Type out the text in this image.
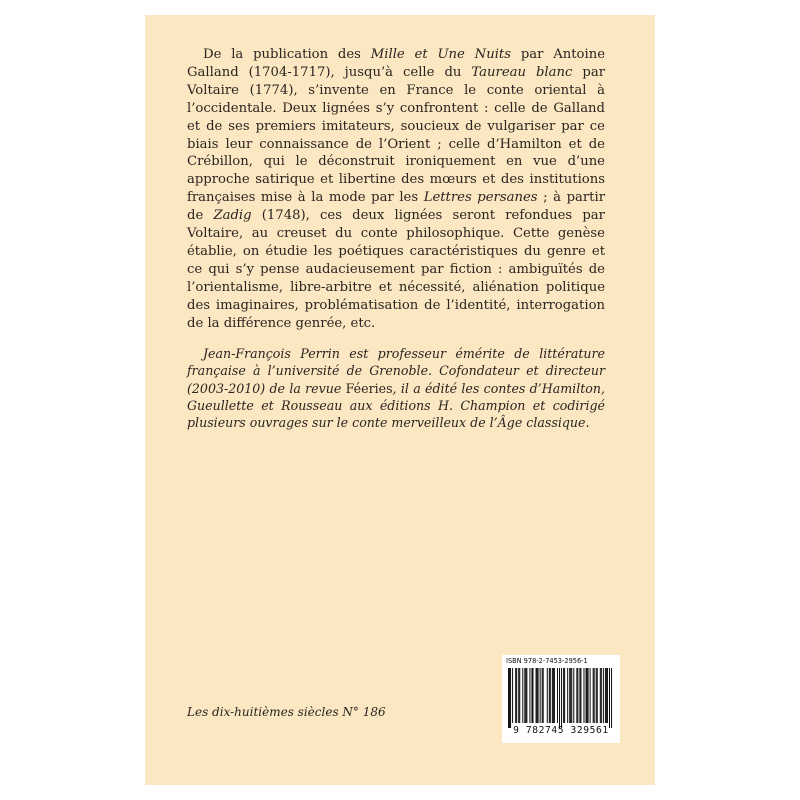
De la publication des Mille et Une Nuits par Antoine Galland (1704-1717), jusqu’à celle du Taureau blanc par Voltaire (1774), s’invente en France le conte oriental à l’occidentale. Deux lignées s’y confrontent : celle de Galland et de ses premiers imitateurs, soucieux de vulgariser par ce biais leur connaissance de l’Orient ; celle d’Hamilton et de Crébillon, qui le déconstruit ironiquement en vue d’une approche satirique et libertine des mœurs et des institutions françaises mise à la mode par les Lettres persanes ; à partir de Zadig (1748), ces deux lignées seront refondues par Voltaire, au creuset du conte philosophique. Cette genèse établie, on étudie les poétiques caractéristiques du genre et ce qui s’y pense audacieusement par fiction : ambiguïtés de l’orientalisme, libre-arbitre et nécessité, aliénation politique des imaginaires, problématisation de l’identité, interrogation de la différence genrée, etc.

Jean-François Perrin est professeur émérite de littérature française à l’université de Grenoble. Cofondateur et directeur (2003-2010) de la revue Féeries, il a édité les contes d’Hamilton, Gueullette et Rousseau aux éditions H. Champion et codirigé plusieurs ouvrages sur le conte merveilleux de l’Âge classique.

Les dix-huitièmes siècles N° 186
ISBN 978-2-7453-2956-1
9 782745 329561
